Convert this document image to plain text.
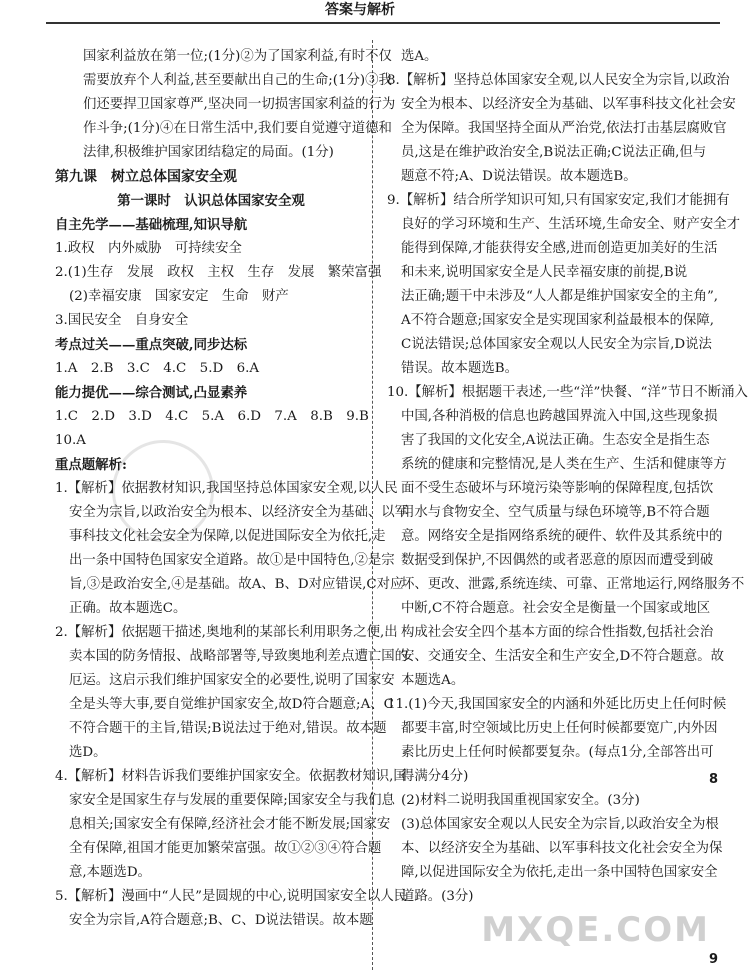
答案与解析
国家利益放在第一位;(1分)②为了国家利益,有时不仅
需要放弃个人利益,甚至要献出自己的生命;(1分)③我
们还要捍卫国家尊严,坚决同一切损害国家利益的行为
作斗争;(1分)④在日常生活中,我们要自觉遵守道德和
法律,积极维护国家团结稳定的局面。(1分)
第九课　树立总体国家安全观
第一课时　认识总体国家安全观
自主先学——基础梳理,知识导航
1.政权　内外威胁　可持续安全
2.(1)生存　发展　政权　主权　生存　发展　繁荣富强
(2)幸福安康　国家安定　生命　财产
3.国民安全　自身安全
考点过关——重点突破,同步达标
1.A　2.B　3.C　4.C　5.D　6.A
能力提优——综合测试,凸显素养
1.C　2.D　3.D　4.C　5.A　6.D　7.A　8.B　9.B
10.A
重点题解析:
1.【解析】依据教材知识,我国坚持总体国家安全观,以人民
安全为宗旨,以政治安全为根本、以经济安全为基础、以军
事科技文化社会安全为保障,以促进国际安全为依托,走
出一条中国特色国家安全道路。故①是中国特色,②是宗
旨,③是政治安全,④是基础。故A、B、D对应错误,C对应
正确。故本题选C。
2.【解析】依据题干描述,奥地利的某部长利用职务之便,出
卖本国的防务情报、战略部署等,导致奥地利差点遭亡国的
厄运。这启示我们维护国家安全的必要性,说明了国家安
全是头等大事,要自觉维护国家安全,故D符合题意;A、C
不符合题干的主旨,错误;B说法过于绝对,错误。故本题
选D。
4.【解析】材料告诉我们要维护国家安全。依据教材知识,国
家安全是国家生存与发展的重要保障;国家安全与我们息
息相关;国家安全有保障,经济社会才能不断发展;国家安
全有保障,祖国才能更加繁荣富强。故①②③④符合题
意,本题选D。
5.【解析】漫画中“人民”是圆规的中心,说明国家安全以人民
安全为宗旨,A符合题意;B、C、D说法错误。故本题
选A。
8.【解析】坚持总体国家安全观,以人民安全为宗旨,以政治
安全为根本、以经济安全为基础、以军事科技文化社会安
全为保障。我国坚持全面从严治党,依法打击基层腐败官
员,这是在维护政治安全,B说法正确;C说法正确,但与
题意不符;A、D说法错误。故本题选B。
9.【解析】结合所学知识可知,只有国家安定,我们才能拥有
良好的学习环境和生产、生活环境,生命安全、财产安全才
能得到保障,才能获得安全感,进而创造更加美好的生活
和未来,说明国家安全是人民幸福安康的前提,B说
法正确;题干中未涉及“人人都是维护国家安全的主角”,
A不符合题意;国家安全是实现国家利益最根本的保障,
C说法错误;总体国家安全观以人民安全为宗旨,D说法
错误。故本题选B。
10.【解析】根据题干表述,一些“洋”快餐、“洋”节日不断涌入
中国,各种消极的信息也跨越国界流入中国,这些现象损
害了我国的文化安全,A说法正确。生态安全是指生态
系统的健康和完整情况,是人类在生产、生活和健康等方
面不受生态破坏与环境污染等影响的保障程度,包括饮
用水与食物安全、空气质量与绿色环境等,B不符合题
意。网络安全是指网络系统的硬件、软件及其系统中的
数据受到保护,不因偶然的或者恶意的原因而遭受到破
坏、更改、泄露,系统连续、可靠、正常地运行,网络服务不
中断,C不符合题意。社会安全是衡量一个国家或地区
构成社会安全四个基本方面的综合性指数,包括社会治
安、交通安全、生活安全和生产安全,D不符合题意。故
本题选A。
11.(1)今天,我国国家安全的内涵和外延比历史上任何时候
都要丰富,时空领域比历史上任何时候都要宽广,内外因
素比历史上任何时候都要复杂。(每点1分,全部答出可
得满分4分)
(2)材料二说明我国重视国家安全。(3分)
(3)总体国家安全观以人民安全为宗旨,以政治安全为根
本、以经济安全为基础、以军事科技文化社会安全为保
障,以促进国际安全为依托,走出一条中国特色国家安全
道路。(3分)
8
MXQE.COM
9
